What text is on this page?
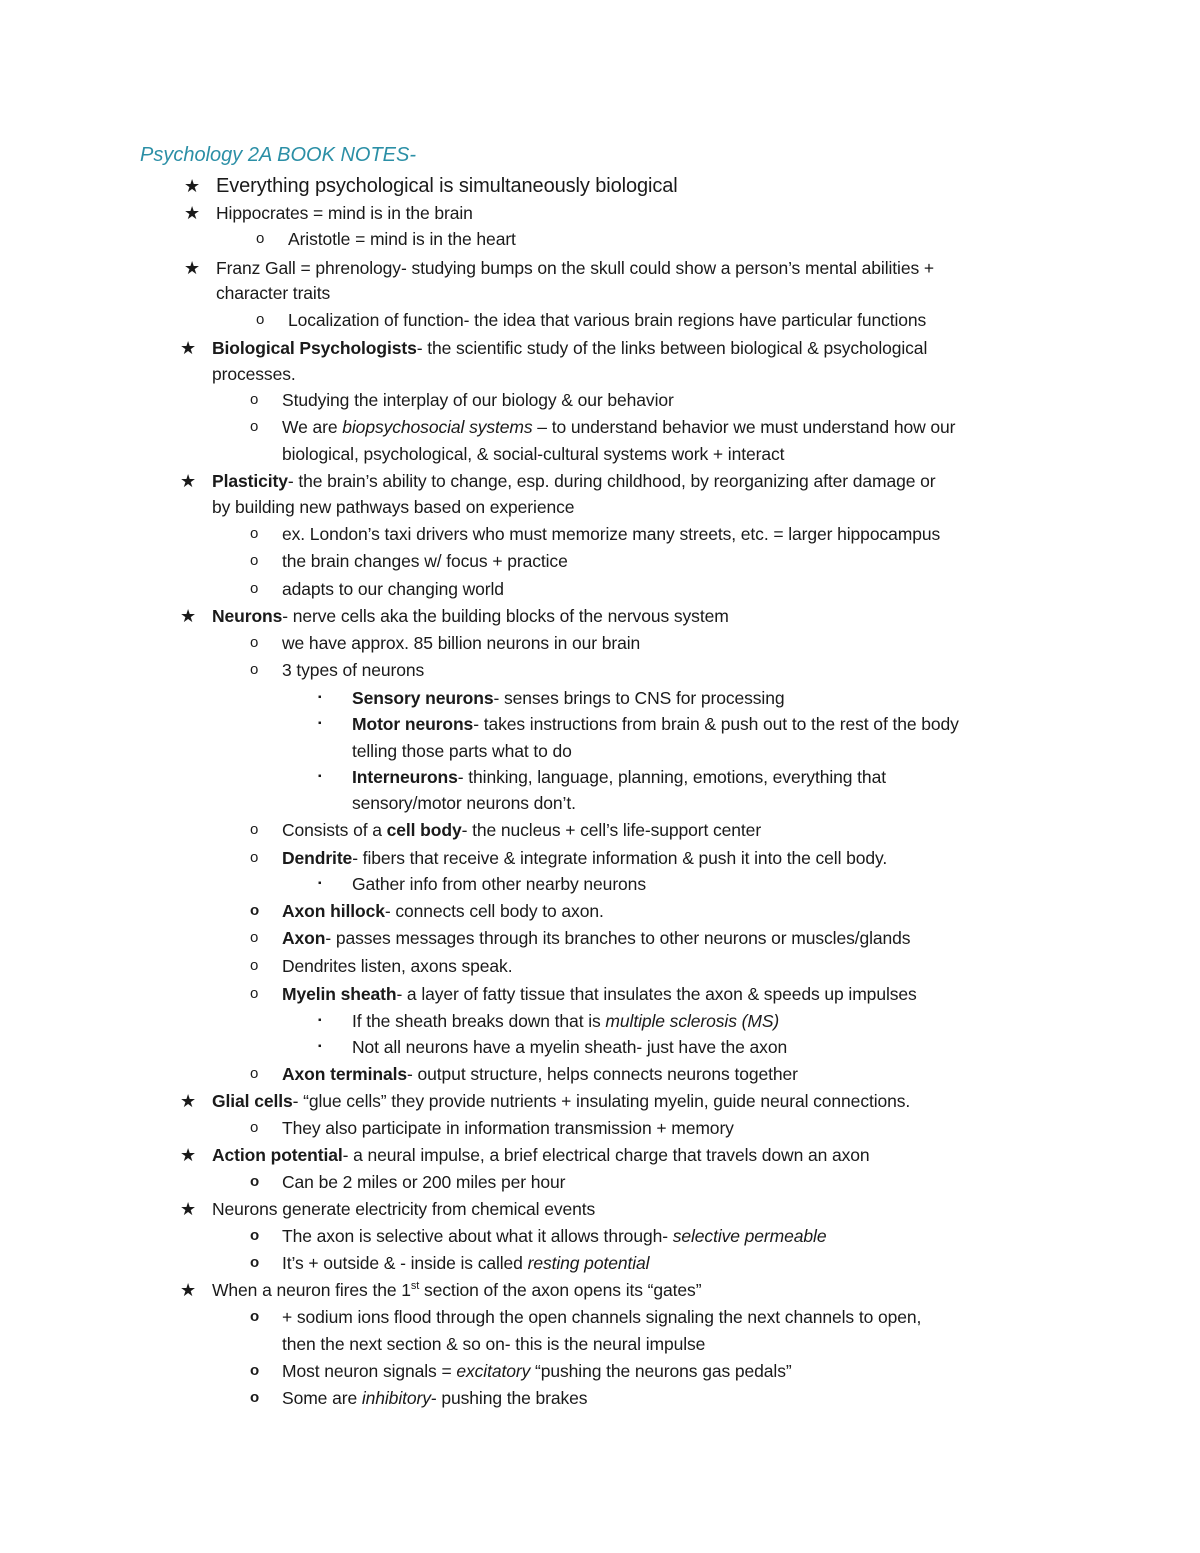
Psychology 2A BOOK NOTES-
★ Everything psychological is simultaneously biological
★ Hippocrates = mind is in the brain
o Aristotle = mind is in the heart
★ Franz Gall = phrenology- studying bumps on the skull could show a person’s mental abilities +
character traits
o Localization of function- the idea that various brain regions have particular functions
★ Biological Psychologists- the scientific study of the links between biological & psychological
processes.
o Studying the interplay of our biology & our behavior
o We are biopsychosocial systems – to understand behavior we must understand how our
biological, psychological, & social-cultural systems work + interact
★ Plasticity- the brain’s ability to change, esp. during childhood, by reorganizing after damage or
by building new pathways based on experience
o ex. London’s taxi drivers who must memorize many streets, etc. = larger hippocampus
o the brain changes w/ focus + practice
o adapts to our changing world
★ Neurons- nerve cells aka the building blocks of the nervous system
o we have approx. 85 billion neurons in our brain
o 3 types of neurons
▪ Sensory neurons- senses brings to CNS for processing
▪ Motor neurons- takes instructions from brain & push out to the rest of the body
telling those parts what to do
▪ Interneurons- thinking, language, planning, emotions, everything that
sensory/motor neurons don’t.
o Consists of a cell body- the nucleus + cell’s life-support center
o Dendrite- fibers that receive & integrate information & push it into the cell body.
▪ Gather info from other nearby neurons
o Axon hillock- connects cell body to axon.
o Axon- passes messages through its branches to other neurons or muscles/glands
o Dendrites listen, axons speak.
o Myelin sheath- a layer of fatty tissue that insulates the axon & speeds up impulses
▪ If the sheath breaks down that is multiple sclerosis (MS)
▪ Not all neurons have a myelin sheath- just have the axon
o Axon terminals- output structure, helps connects neurons together
★ Glial cells- “glue cells” they provide nutrients + insulating myelin, guide neural connections.
o They also participate in information transmission + memory
★ Action potential- a neural impulse, a brief electrical charge that travels down an axon
o Can be 2 miles or 200 miles per hour
★ Neurons generate electricity from chemical events
o The axon is selective about what it allows through- selective permeable
o It’s + outside & - inside is called resting potential
★ When a neuron fires the 1st section of the axon opens its “gates”
o + sodium ions flood through the open channels signaling the next channels to open,
then the next section & so on- this is the neural impulse
o Most neuron signals = excitatory “pushing the neurons gas pedals”
o Some are inhibitory- pushing the brakes
